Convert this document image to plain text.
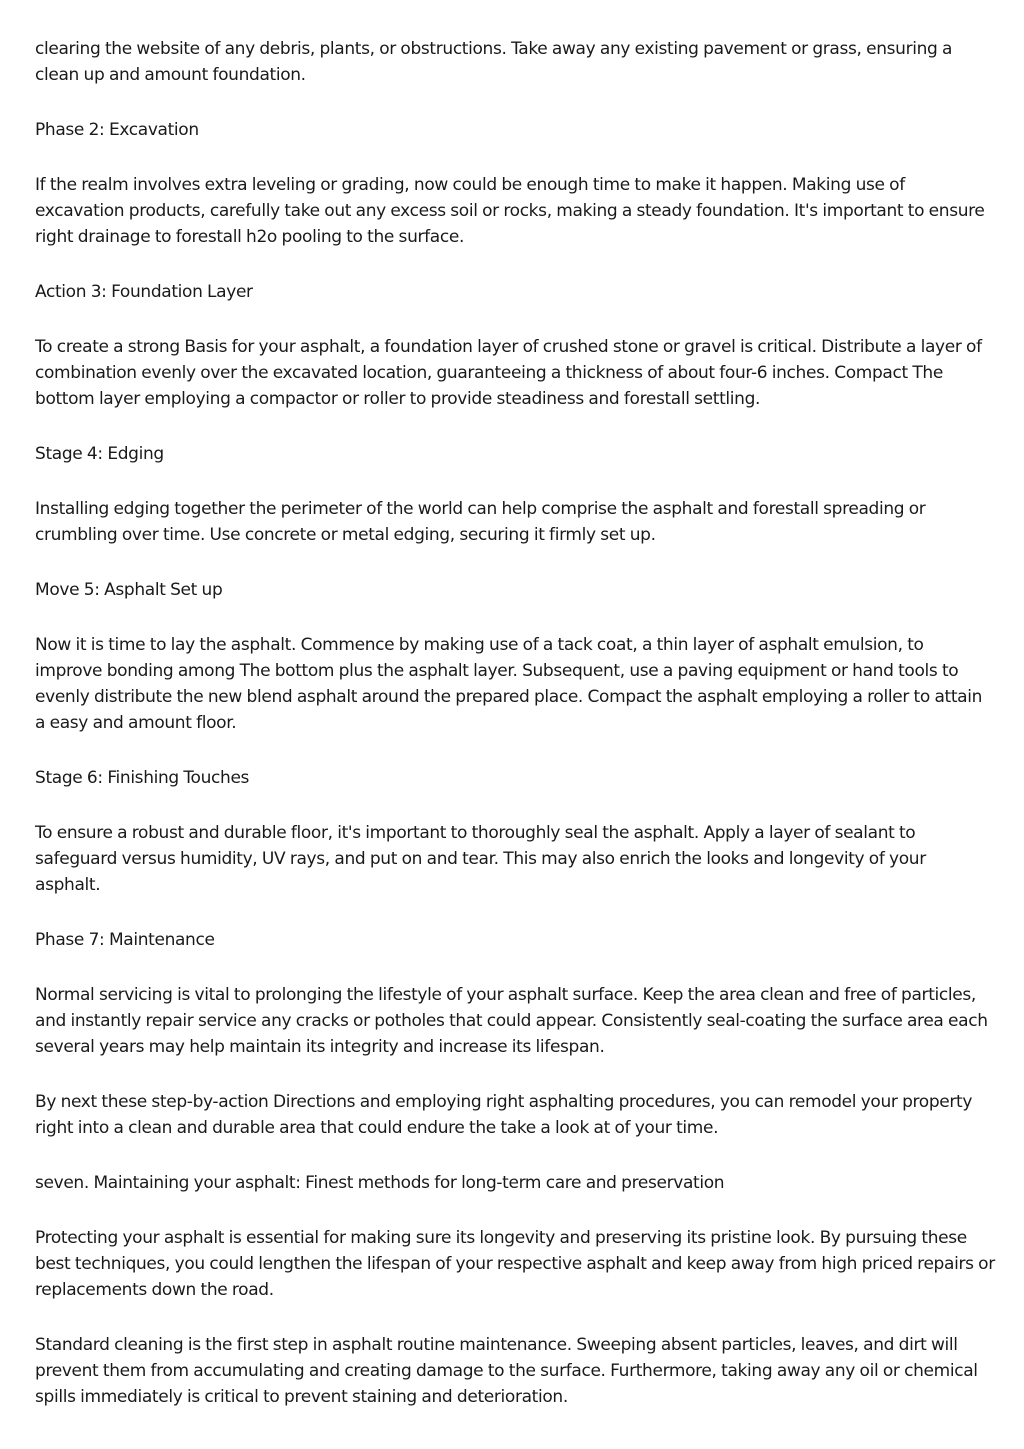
clearing the website of any debris, plants, or obstructions. Take away any existing pavement or grass, ensuring a clean up and amount foundation.

Phase 2: Excavation

If the realm involves extra leveling or grading, now could be enough time to make it happen. Making use of excavation products, carefully take out any excess soil or rocks, making a steady foundation. It's important to ensure right drainage to forestall h2o pooling to the surface.

Action 3: Foundation Layer

To create a strong Basis for your asphalt, a foundation layer of crushed stone or gravel is critical. Distribute a layer of combination evenly over the excavated location, guaranteeing a thickness of about four-6 inches. Compact The bottom layer employing a compactor or roller to provide steadiness and forestall settling.

Stage 4: Edging

Installing edging together the perimeter of the world can help comprise the asphalt and forestall spreading or crumbling over time. Use concrete or metal edging, securing it firmly set up.

Move 5: Asphalt Set up

Now it is time to lay the asphalt. Commence by making use of a tack coat, a thin layer of asphalt emulsion, to improve bonding among The bottom plus the asphalt layer. Subsequent, use a paving equipment or hand tools to evenly distribute the new blend asphalt around the prepared place. Compact the asphalt employing a roller to attain a easy and amount floor.

Stage 6: Finishing Touches

To ensure a robust and durable floor, it's important to thoroughly seal the asphalt. Apply a layer of sealant to safeguard versus humidity, UV rays, and put on and tear. This may also enrich the looks and longevity of your asphalt.

Phase 7: Maintenance

Normal servicing is vital to prolonging the lifestyle of your asphalt surface. Keep the area clean and free of particles, and instantly repair service any cracks or potholes that could appear. Consistently seal-coating the surface area each several years may help maintain its integrity and increase its lifespan.

By next these step-by-action Directions and employing right asphalting procedures, you can remodel your property right into a clean and durable area that could endure the take a look at of your time.

seven. Maintaining your asphalt: Finest methods for long-term care and preservation

Protecting your asphalt is essential for making sure its longevity and preserving its pristine look. By pursuing these best techniques, you could lengthen the lifespan of your respective asphalt and keep away from high priced repairs or replacements down the road.

Standard cleaning is the first step in asphalt routine maintenance. Sweeping absent particles, leaves, and dirt will prevent them from accumulating and creating damage to the surface. Furthermore, taking away any oil or chemical spills immediately is critical to prevent staining and deterioration.
